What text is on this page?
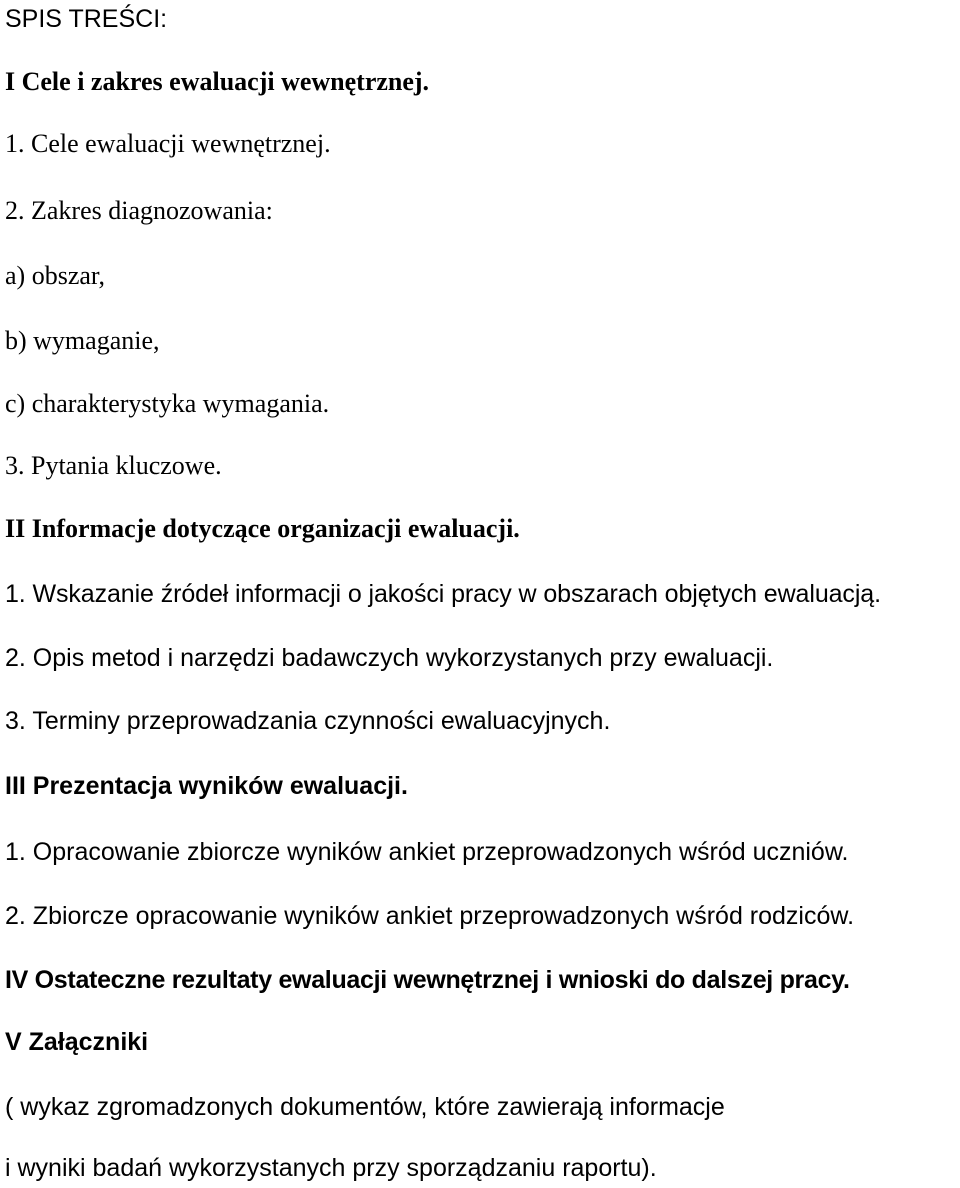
SPIS TREŚCI:
I Cele i zakres ewaluacji wewnętrznej.
1. Cele ewaluacji wewnętrznej.
2. Zakres diagnozowania:
a) obszar,
b) wymaganie,
c) charakterystyka wymagania.
3. Pytania kluczowe.
II Informacje dotyczące organizacji ewaluacji.
1. Wskazanie źródeł informacji o jakości pracy w obszarach objętych ewaluacją.
2. Opis metod i narzędzi badawczych wykorzystanych przy ewaluacji.
3. Terminy przeprowadzania czynności ewaluacyjnych.
III Prezentacja wyników ewaluacji.
1. Opracowanie zbiorcze wyników ankiet przeprowadzonych wśród uczniów.
2. Zbiorcze opracowanie wyników ankiet przeprowadzonych wśród rodziców.
IV Ostateczne rezultaty ewaluacji wewnętrznej i wnioski do dalszej pracy.
V Załączniki
( wykaz zgromadzonych dokumentów, które zawierają informacje
i wyniki badań wykorzystanych przy sporządzaniu raportu).
